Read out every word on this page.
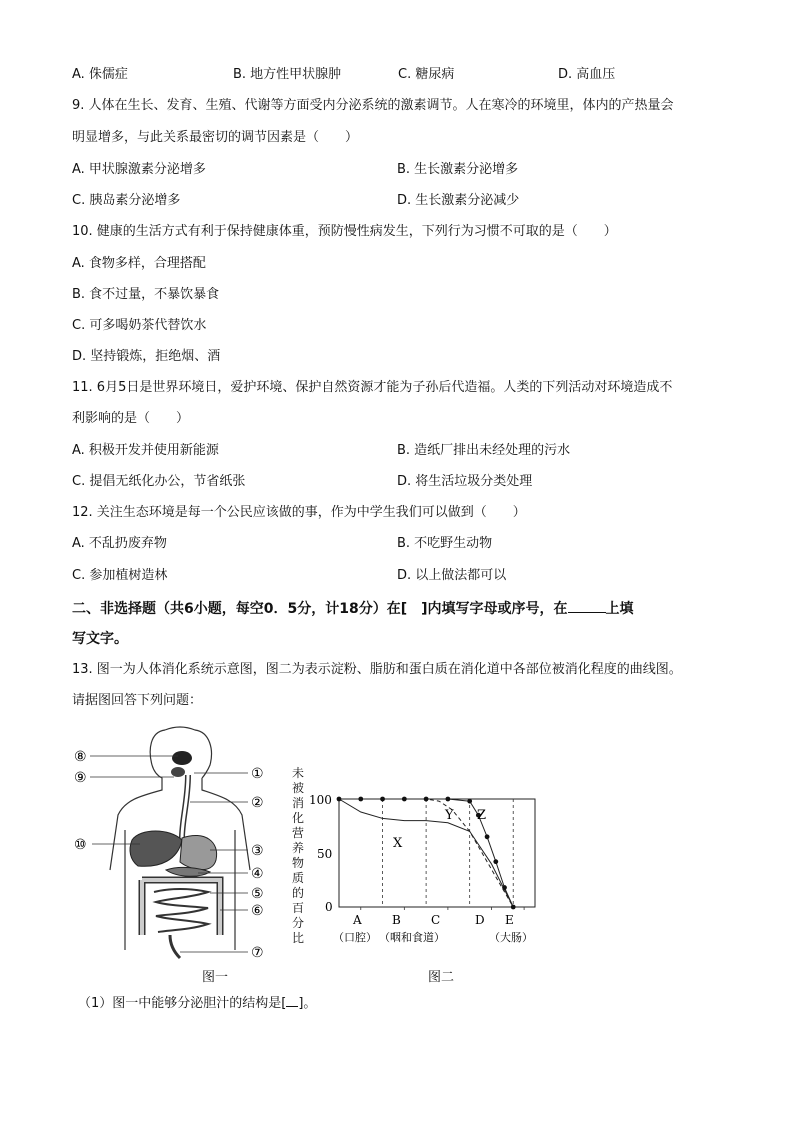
A. 侏儒症	B. 地方性甲状腺肿	C. 糖尿病	D. 高血压
9. 人体在生长、发育、生殖、代谢等方面受内分泌系统的激素调节。人在寒冷的环境里，体内的产热量会
明显增多，与此关系最密切的调节因素是（　　）
A. 甲状腺激素分泌增多	B. 生长激素分泌增多
C. 胰岛素分泌增多	D. 生长激素分泌减少
10. 健康的生活方式有利于保持健康体重，预防慢性病发生，下列行为习惯不可取的是（　　）
A. 食物多样，合理搭配
B. 食不过量，不暴饮暴食
C. 可多喝奶茶代替饮水
D. 坚持锻炼，拒绝烟、酒
11. 6月5日是世界环境日，爱护环境、保护自然资源才能为子孙后代造福。人类的下列活动对环境造成不
利影响的是（　　）
A. 积极开发并使用新能源	B. 造纸厂排出未经处理的污水
C. 提倡无纸化办公，节省纸张	D. 将生活垃圾分类处理
12. 关注生态环境是每一个公民应该做的事，作为中学生我们可以做到（　　）
A. 不乱扔废弃物	B. 不吃野生动物
C. 参加植树造林	D. 以上做法都可以
二、非选择题（共6小题，每空0．5分，计18分）在[　]内填写字母或序号，在	上填
写文字。
13. 图一为人体消化系统示意图，图二为表示淀粉、脂肪和蛋白质在消化道中各部位被消化程度的曲线图。
请据图回答下列问题：
⑧
⑨
⑩
①
②
③
④
⑤
⑥
⑦
未
被
消
化
营
养
物
质
的
百
分
比
100
50
0
X
Y Z
A	B	C	D E
（口腔） （咽和食道）	（大肠）
图一	图二
（1）图一中能够分泌胆汁的结构是[ ]。
